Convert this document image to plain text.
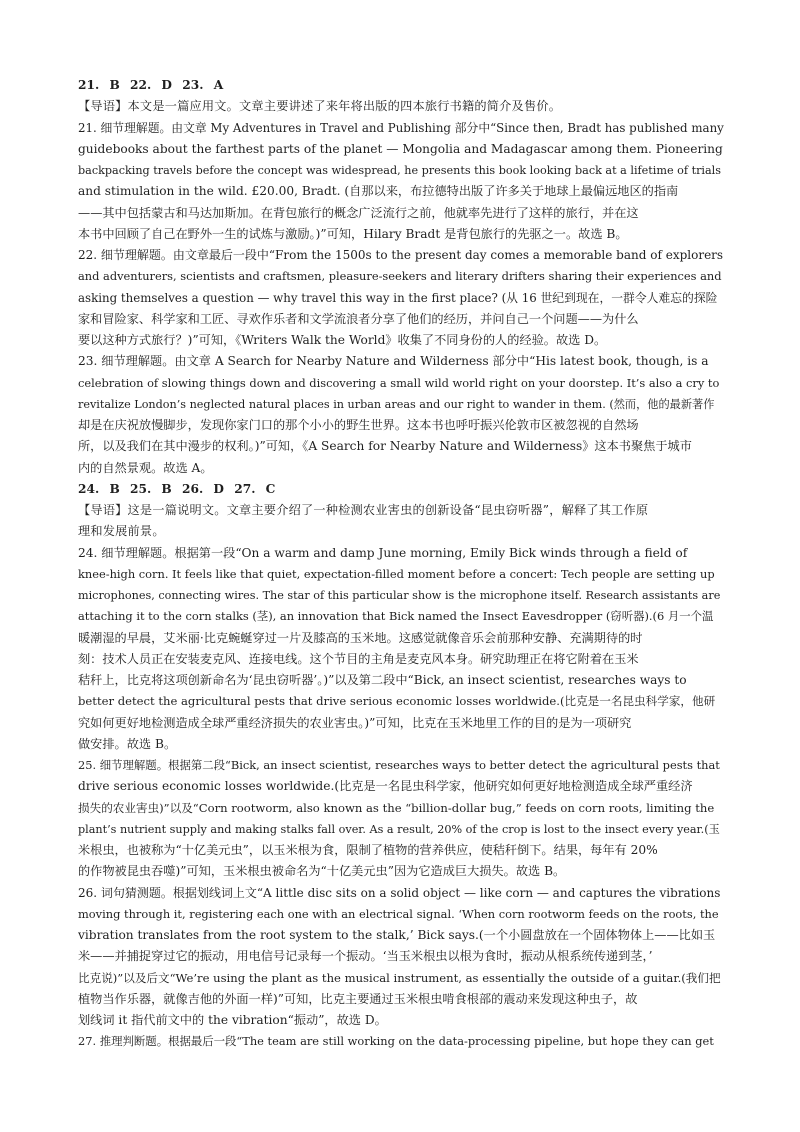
21. B 22. D 23. A
【导语】本文是一篇应用文。文章主要讲述了来年将出版的四本旅行书籍的简介及售价。
21. 细节理解题。由文章 My Adventures in Travel and Publishing 部分中“Since then, Bradt has published many
guidebooks about the farthest parts of the planet — Mongolia and Madagascar among them. Pioneering
backpacking travels before the concept was widespread, he presents this book looking back at a lifetime of trials
and stimulation in the wild. £20.00, Bradt. (自那以来，布拉德特出版了许多关于地球上最偏远地区的指南
——其中包括蒙古和马达加斯加。在背包旅行的概念广泛流行之前，他就率先进行了这样的旅行，并在这
本书中回顾了自己在野外一生的试炼与激励。)”可知，Hilary Bradt 是背包旅行的先驱之一。故选 B。
22. 细节理解题。由文章最后一段中“From the 1500s to the present day comes a memorable band of explorers
and adventurers, scientists and craftsmen, pleasure-seekers and literary drifters sharing their experiences and
asking themselves a question — why travel this way in the first place? (从 16 世纪到现在，一群令人难忘的探险
家和冒险家、科学家和工匠、寻欢作乐者和文学流浪者分享了他们的经历，并问自己一个问题——为什么
要以这种方式旅行？)”可知，《Writers Walk the World》收集了不同身份的人的经验。故选 D。
23. 细节理解题。由文章 A Search for Nearby Nature and Wilderness 部分中“His latest book, though, is a
celebration of slowing things down and discovering a small wild world right on your doorstep. It’s also a cry to
revitalize London’s neglected natural places in urban areas and our right to wander in them. (然而，他的最新著作
却是在庆祝放慢脚步，发现你家门口的那个小小的野生世界。这本书也呼吁振兴伦敦市区被忽视的自然场
所，以及我们在其中漫步的权利。)”可知，《A Search for Nearby Nature and Wilderness》这本书聚焦于城市
内的自然景观。故选 A。
24. B 25. B 26. D 27. C
【导语】这是一篇说明文。文章主要介绍了一种检测农业害虫的创新设备“昆虫窃听器”，解释了其工作原
理和发展前景。
24. 细节理解题。根据第一段“On a warm and damp June morning, Emily Bick winds through a field of
knee-high corn. It feels like that quiet, expectation-filled moment before a concert: Tech people are setting up
microphones, connecting wires. The star of this particular show is the microphone itself. Research assistants are
attaching it to the corn stalks (茎), an innovation that Bick named the Insect Eavesdropper (窃听器).(6 月一个温
暖潮湿的早晨，艾米丽·比克蜿蜒穿过一片及膝高的玉米地。这感觉就像音乐会前那种安静、充满期待的时
刻：技术人员正在安装麦克风、连接电线。这个节目的主角是麦克风本身。研究助理正在将它附着在玉米
秸秆上，比克将这项创新命名为‘昆虫窃听器’。)”以及第二段中“Bick, an insect scientist, researches ways to
better detect the agricultural pests that drive serious economic losses worldwide.(比克是一名昆虫科学家，他研
究如何更好地检测造成全球严重经济损失的农业害虫。)”可知，比克在玉米地里工作的目的是为一项研究
做安排。故选 B。
25. 细节理解题。根据第二段“Bick, an insect scientist, researches ways to better detect the agricultural pests that
drive serious economic losses worldwide.(比克是一名昆虫科学家，他研究如何更好地检测造成全球严重经济
损失的农业害虫)”以及“Corn rootworm, also known as the “billion-dollar bug,” feeds on corn roots, limiting the
plant’s nutrient supply and making stalks fall over. As a result, 20% of the crop is lost to the insect every year.(玉
米根虫，也被称为“十亿美元虫”，以玉米根为食，限制了植物的营养供应，使秸秆倒下。结果，每年有 20%
的作物被昆虫吞噬)”可知，玉米根虫被命名为“十亿美元虫”因为它造成巨大损失。故选 B。
26. 词句猜测题。根据划线词上文“A little disc sits on a solid object — like corn — and captures the vibrations
moving through it, registering each one with an electrical signal. ‘When corn rootworm feeds on the roots, the
vibration translates from the root system to the stalk,’ Bick says.(一个小圆盘放在一个固体物体上——比如玉
米——并捕捉穿过它的振动，用电信号记录每一个振动。‘当玉米根虫以根为食时，振动从根系统传递到茎，’
比克说)”以及后文“We’re using the plant as the musical instrument, as essentially the outside of a guitar.(我们把
植物当作乐器，就像吉他的外面一样)”可知，比克主要通过玉米根虫啃食根部的震动来发现这种虫子，故
划线词 it 指代前文中的 the vibration“振动”，故选 D。
27. 推理判断题。根据最后一段“The team are still working on the data-processing pipeline, but hope they can get
